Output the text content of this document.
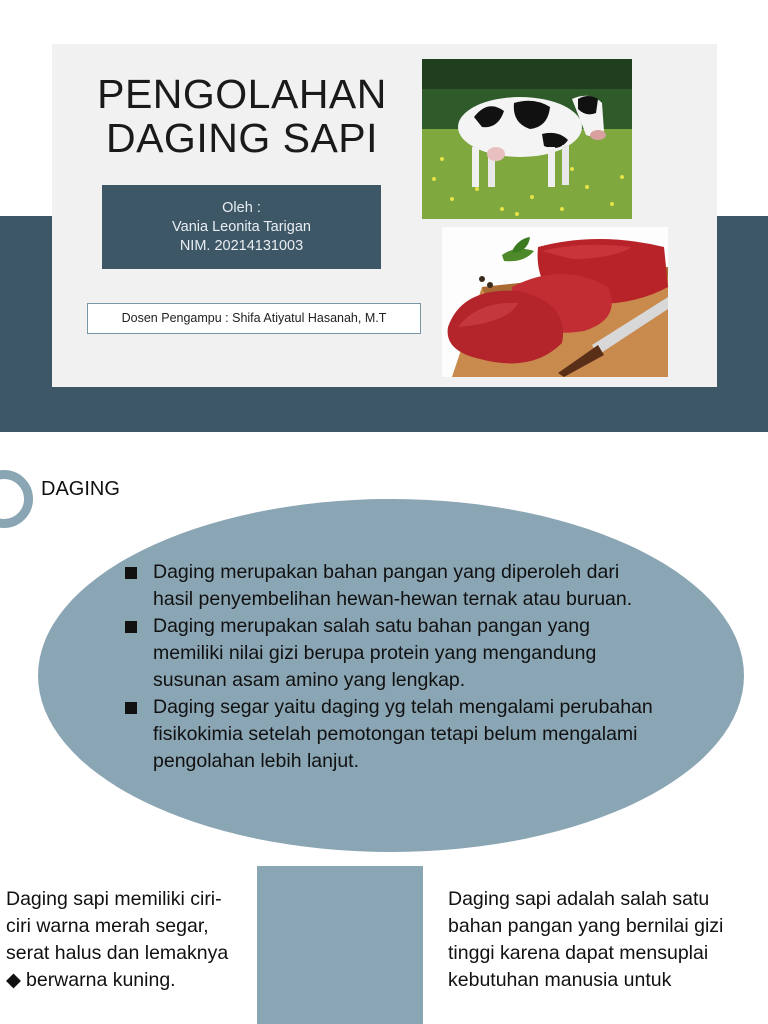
PENGOLAHAN
DAGING SAPI
Oleh :
Vania Leonita Tarigan
NIM. 20214131003
Dosen Pengampu : Shifa Atiyatul Hasanah, M.T
DAGING
Daging merupakan bahan pangan yang diperoleh dari hasil penyembelihan hewan-hewan ternak atau buruan.
Daging merupakan salah satu bahan pangan yang memiliki nilai gizi berupa protein yang mengandung susunan asam amino yang lengkap.
Daging segar yaitu daging yg telah mengalami perubahan fisikokimia setelah pemotongan tetapi belum mengalami pengolahan lebih lanjut.
Daging sapi memiliki ciri-ciri warna merah segar, serat halus dan lemaknya
◆ berwarna kuning.
Daging sapi adalah salah satu bahan pangan yang bernilai gizi tinggi karena dapat mensuplai kebutuhan manusia untuk
